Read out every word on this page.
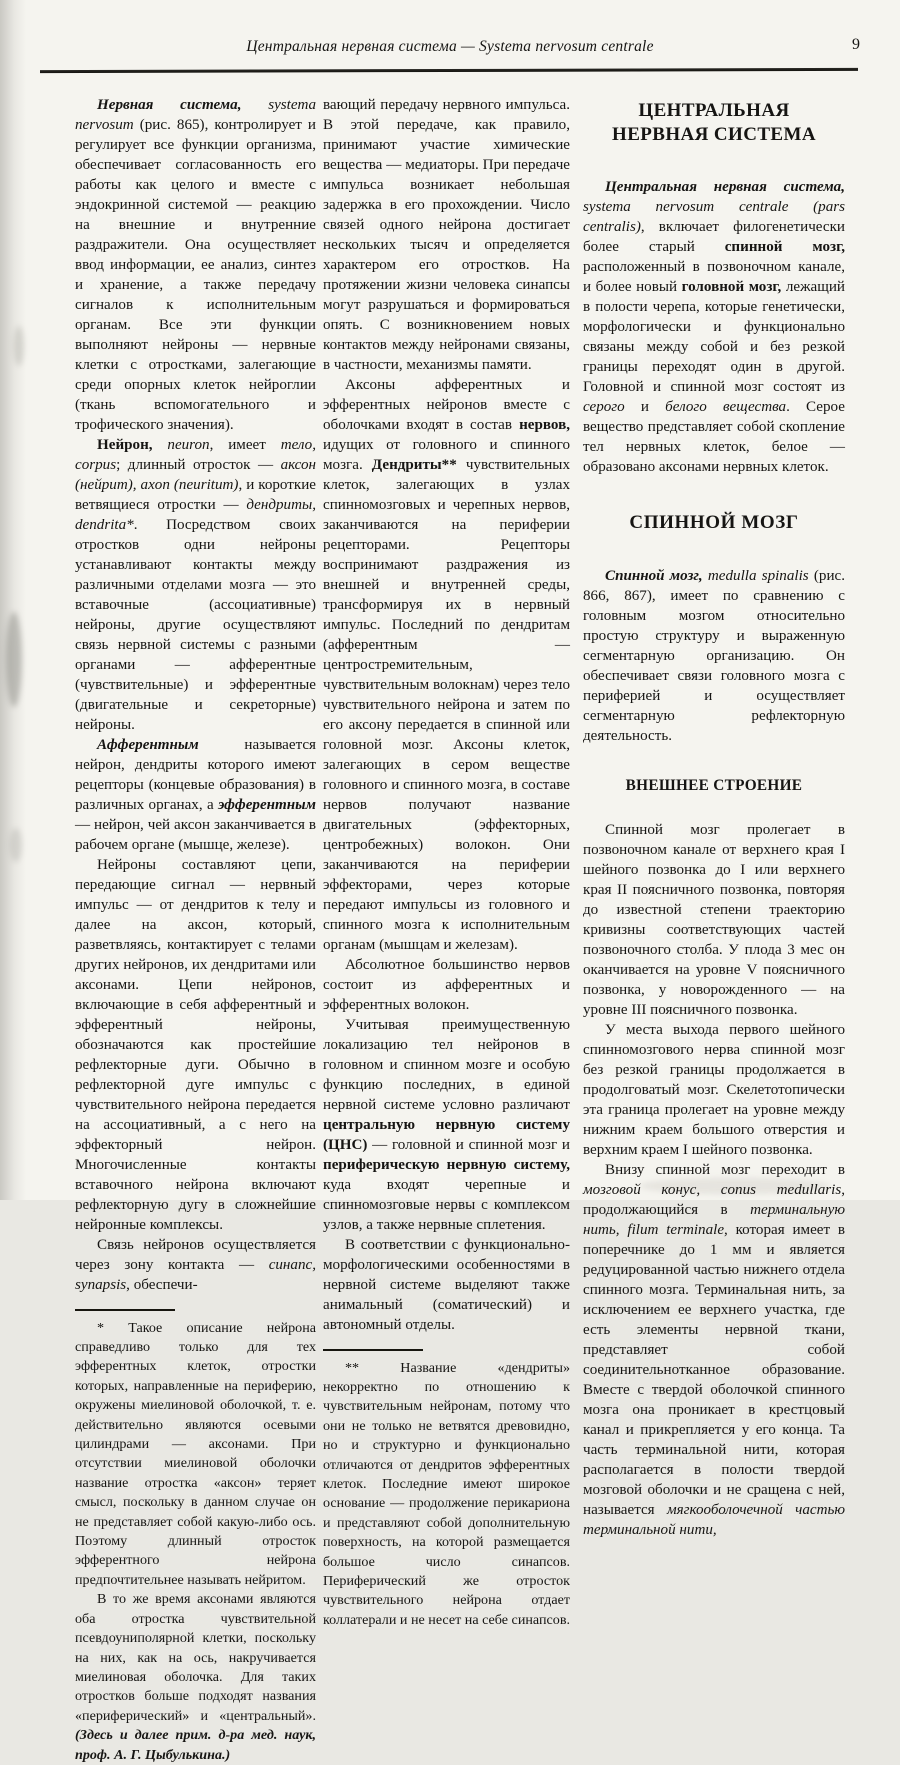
Центральная нервная система — Systema nervosum centrale	9

Нервная система, systema nervosum (рис. 865), контролирует и регулирует все функции организма, обеспечивает согласованность его работы как целого и вместе с эндокринной системой — реакцию на внешние и внутренние раздражители. Она осуществляет ввод информации, ее анализ, синтез и хранение, а также передачу сигналов к исполнительным органам. Все эти функции выполняют нейроны — нервные клетки с отростками, залегающие среди опорных клеток нейроглии (ткань вспомогательного и трофического значения).

Нейрон, neuron, имеет тело, corpus; длинный отросток — аксон (нейрит), axon (neuritum), и короткие ветвящиеся отростки — дендриты, dendrita*. Посредством своих отростков одни нейроны устанавливают контакты между различными отделами мозга — это вставочные (ассоциативные) нейроны, другие осуществляют связь нервной системы с разными органами — афферентные (чувствительные) и эфферентные (двигательные и секреторные) нейроны.

Афферентным называется нейрон, дендриты которого имеют рецепторы (концевые образования) в различных органах, а эфферентным — нейрон, чей аксон заканчивается в рабочем органе (мышце, железе).

Нейроны составляют цепи, передающие сигнал — нервный импульс — от дендритов к телу и далее на аксон, который, разветвляясь, контактирует с телами других нейронов, их дендритами или аксонами. Цепи нейронов, включающие в себя афферентный и эфферентный нейроны, обозначаются как простейшие рефлекторные дуги. Обычно в рефлекторной дуге импульс с чувствительного нейрона передается на ассоциативный, а с него на эффекторный нейрон. Многочисленные контакты вставочного нейрона включают рефлекторную дугу в сложнейшие нейронные комплексы.

Связь нейронов осуществляется через зону контакта — синапс, synapsis, обеспечи-

* Такое описание нейрона справедливо только для тех эфферентных клеток, отростки которых, направленные на периферию, окружены миелиновой оболочкой, т. е. действительно являются осевыми цилиндрами — аксонами. При отсутствии миелиновой оболочки название отростка «аксон» теряет смысл, поскольку в данном случае он не представляет собой какую-либо ось. Поэтому длинный отросток эфферентного нейрона предпочтительнее называть нейритом.

В то же время аксонами являются оба отростка чувствительной псевдоуниполярной клетки, поскольку на них, как на ось, накручивается миелиновая оболочка. Для таких отростков больше подходят названия «периферический» и «центральный». (Здесь и далее прим. д-ра мед. наук, проф. А. Г. Цыбулькина.)

вающий передачу нервного импульса. В этой передаче, как правило, принимают участие химические вещества — медиаторы. При передаче импульса возникает небольшая задержка в его прохождении. Число связей одного нейрона достигает нескольких тысяч и определяется характером его отростков. На протяжении жизни человека синапсы могут разрушаться и формироваться опять. С возникновением новых контактов между нейронами связаны, в частности, механизмы памяти.

Аксоны афферентных и эфферентных нейронов вместе с оболочками входят в состав нервов, идущих от головного и спинного мозга. Дендриты** чувствительных клеток, залегающих в узлах спинномозговых и черепных нервов, заканчиваются на периферии рецепторами. Рецепторы воспринимают раздражения из внешней и внутренней среды, трансформируя их в нервный импульс. Последний по дендритам (афферентным — центростремительным, чувствительным волокнам) через тело чувствительного нейрона и затем по его аксону передается в спинной или головной мозг. Аксоны клеток, залегающих в сером веществе головного и спинного мозга, в составе нервов получают название двигательных (эффекторных, центробежных) волокон. Они заканчиваются на периферии эффекторами, через которые передают импульсы из головного и спинного мозга к исполнительным органам (мышцам и железам).

Абсолютное большинство нервов состоит из афферентных и эфферентных волокон.

Учитывая преимущественную локализацию тел нейронов в головном и спинном мозге и особую функцию последних, в единой нервной системе условно различают центральную нервную систему (ЦНС) — головной и спинной мозг и периферическую нервную систему, куда входят черепные и спинномозговые нервы с комплексом узлов, а также нервные сплетения.

В соответствии с функционально-морфологическими особенностями в нервной системе выделяют также анимальный (соматический) и автономный отделы.

** Название «дендриты» некорректно по отношению к чувствительным нейронам, потому что они не только не ветвятся древовидно, но и структурно и функционально отличаются от дендритов эфферентных клеток. Последние имеют широкое основание — продолжение перикариона и представляют собой дополнительную поверхность, на которой размещается большое число синапсов. Периферический же отросток чувствительного нейрона отдает коллатерали и не несет на себе синапсов.

ЦЕНТРАЛЬНАЯ
НЕРВНАЯ СИСТЕМА

Центральная нервная система, systema nervosum centrale (pars centralis), включает филогенетически более старый спинной мозг, расположенный в позвоночном канале, и более новый головной мозг, лежащий в полости черепа, которые генетически, морфологически и функционально связаны между собой и без резкой границы переходят один в другой. Головной и спинной мозг состоят из серого и белого вещества. Серое вещество представляет собой скопление тел нервных клеток, белое — образовано аксонами нервных клеток.

СПИННОЙ МОЗГ

Спинной мозг, medulla spinalis (рис. 866, 867), имеет по сравнению с головным мозгом относительно простую структуру и выраженную сегментарную организацию. Он обеспечивает связи головного мозга с периферией и осуществляет сегментарную рефлекторную деятельность.

ВНЕШНЕЕ СТРОЕНИЕ

Спинной мозг пролегает в позвоночном канале от верхнего края I шейного позвонка до I или верхнего края II поясничного позвонка, повторяя до известной степени траекторию кривизны соответствующих частей позвоночного столба. У плода 3 мес он оканчивается на уровне V поясничного позвонка, у новорожденного — на уровне III поясничного позвонка.

У места выхода первого шейного спинномозгового нерва спинной мозг без резкой границы продолжается в продолговатый мозг. Скелетотопически эта граница пролегает на уровне между нижним краем большого отверстия и верхним краем I шейного позвонка.

Внизу спинной мозг переходит в мозговой конус, conus medullaris, продолжающийся в терминальную нить, filum terminale, которая имеет в поперечнике до 1 мм и является редуцированной частью нижнего отдела спинного мозга. Терминальная нить, за исключением ее верхнего участка, где есть элементы нервной ткани, представляет собой соединительнотканное образование. Вместе с твердой оболочкой спинного мозга она проникает в крестцовый канал и прикрепляется у его конца. Та часть терминальной нити, которая располагается в полости твердой мозговой оболочки и не сращена с ней, называется мягкооболочечной частью терминальной нити,
